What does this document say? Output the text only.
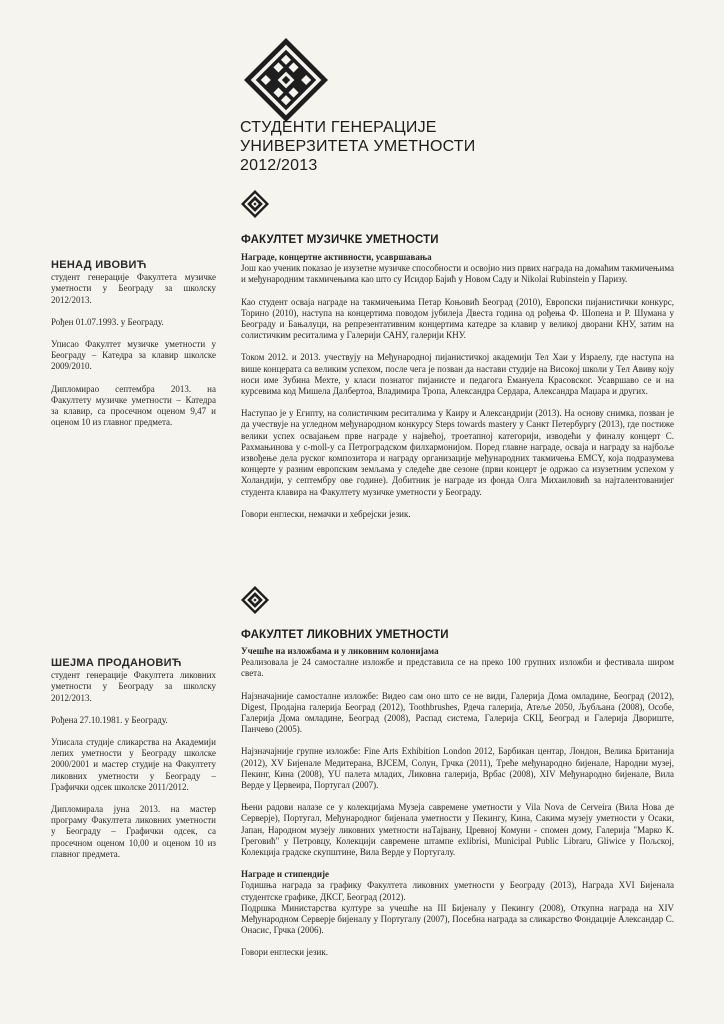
СТУДЕНТИ ГЕНЕРАЦИЈЕ
УНИВЕРЗИТЕТА УМЕТНОСТИ
2012/2013
ФАКУЛТЕТ МУЗИЧКЕ УМЕТНОСТИ
НЕНАД ИВОВИЋ

студент генерације Факултета музичке уметности у Београду за школску 2012/2013.

Рођен 01.07.1993. у Београду.

Уписао Факултет музичке уметности у Београду – Катедра за клавир школске 2009/2010.

Дипломирао септембра 2013. на Факултету музичке уметности – Катедра за клавир, са просечном оценом 9,47 и оценом 10 из главног предмета.

Награде, концертне активности, усавршавања

Још као ученик показао је изузетне музичке способности и освојио низ првих награда на домаћим такмичењима и међународним такмичењима као што су Исидор Бајић у Новом Саду и Nikolai Rubinstein у Паризу.

Као студент осваја награде на такмичењима Петар Коњовић Београд (2010), Европски пијанистички конкурс, Торино (2010), наступа на концертима поводом јубилеја Двеста година од рођења Ф. Шопена и Р. Шумана у Београду и Бањалуци, на репрезентативним концертима катедре за клавир у великој дворани КНУ, затим на солистичким реситалима у Галерији САНУ, галерији КНУ.

Током 2012. и 2013. учествују на Међународној пијанистичкој академији Тел Хаи у Израелу, где наступа на више концерата са великим успехом, после чега је позван да настави студије на Високој школи у Тел Авиву коју носи име Зубина Мехте, у класи познатог пијанисте и педагога Емануела Красовског. Усавршаво се и на курсевима код Мишела Далбертоа, Владимира Тропа, Александра Сердара, Александра Маџара и других.

Наступао је у Египту, на солистичким реситалима у Каиру и Александрији (2013). На основу снимка, позван је да учествује на угледном међународном конкурсу Steps towards mastery у Санкт Петербургу (2013), где постиже велики успех освајањем прве награде у највећој, троетапној категорији, изводећи у финалу концерт С. Рахмањинова у c-moll-у са Петроградском филхармонијом. Поред главне награде, осваја и награду за најбоље извођење дела руског композитора и награду организације међународних такмичења EMCY, која подразумева концерте у разним европским земљама у следеће две сезоне (први концерт је одржао са изузетним успехом у Холандији, у септембру ове године). Добитник је награде из фонда Олга Михаиловић за најталентованијег студента клавира на Факултету музичке уметности у Београду.

Говори енглески, немачки и хебрејски језик.

ФАКУЛТЕТ ЛИКОВНИХ УМЕТНОСТИ
ШЕЈМА ПРОДАНОВИЋ

студент генерације Факултета ликовних уметности у Београду за школску 2012/2013.

Рођена 27.10.1981. у Београду.

Уписала студије сликарства на Академији лепих уметности у Београду школске 2000/2001 и мастер студије на Факултету ликовних уметности у Београду – Графички одсек школске 2011/2012.

Дипломирала јуна 2013. на мастер програму Факултета ликовних уметности у Београду – Графички одсек, са просечном оценом 10,00 и оценом 10 из главног предмета.

Учешће на изложбама и у ликовним колонијама

Реализовала је 24 самосталне изложбе и представила се на преко 100 групних изложби и фестивала широм света.

Најзначајније самосталне изложбе: Видео сам оно што се не види, Галерија Дома омладине, Београд (2012), Digest, Продајна галерија Београд (2012), Toothbrushes, Рдеча галерија, Атеље 2050, Љубљана (2008), Особе, Галерија Дома омладине, Београд (2008), Распад система, Галерија СКЦ, Београд и Галерија Двориште, Панчево (2005).

Најзначајније групне изложбе: Fine Arts Exhibition London 2012, Барбикан центар, Лондон, Велика Британија (2012), XV Бијенале Медитерана, ВЈСЕМ, Солун, Грчка (2011), Треће међународно бијенале, Народни музеј, Пекинг, Кина (2008), YU палета младих, Ликовна галерија, Врбас (2008), XIV Међународно бијенале, Вила Верде у Цервеира, Португал (2007).

Њени радови налазе се у колекцијама Музеја савремене уметности у Vila Nova de Cerveira (Вила Нова де Серверје), Португал, Међународног бијенала уметности у Пекингу, Кина, Сакима музеју уметности у Осаки, Јапан, Народном музеју ликовних уметности наТајвану, Цревној Комуни - спомен дому, Галерија "Марко К. Греговић" у Петровцу, Колекцији савремене штампе exlibrisi, Municipal Public Libraru, Gliwice у Пољској, Колекција градске скупштине, Вила Верде у Португалу.

Награде и стипендије

Годишња награда за графику Факултета ликовних уметности у Београду (2013), Награда XVI Бијенала студентске графике, ДКСГ, Београд (2012).

Подршка Министарства културе за учешће на III Бијеналу у Пекингу (2008), Откупна награда на XIV Међународном Серверје бијеналу у Португалу (2007), Посебна награда за сликарство Фондације Александар С. Онасис, Грчка (2006).

Говори енглески језик.
